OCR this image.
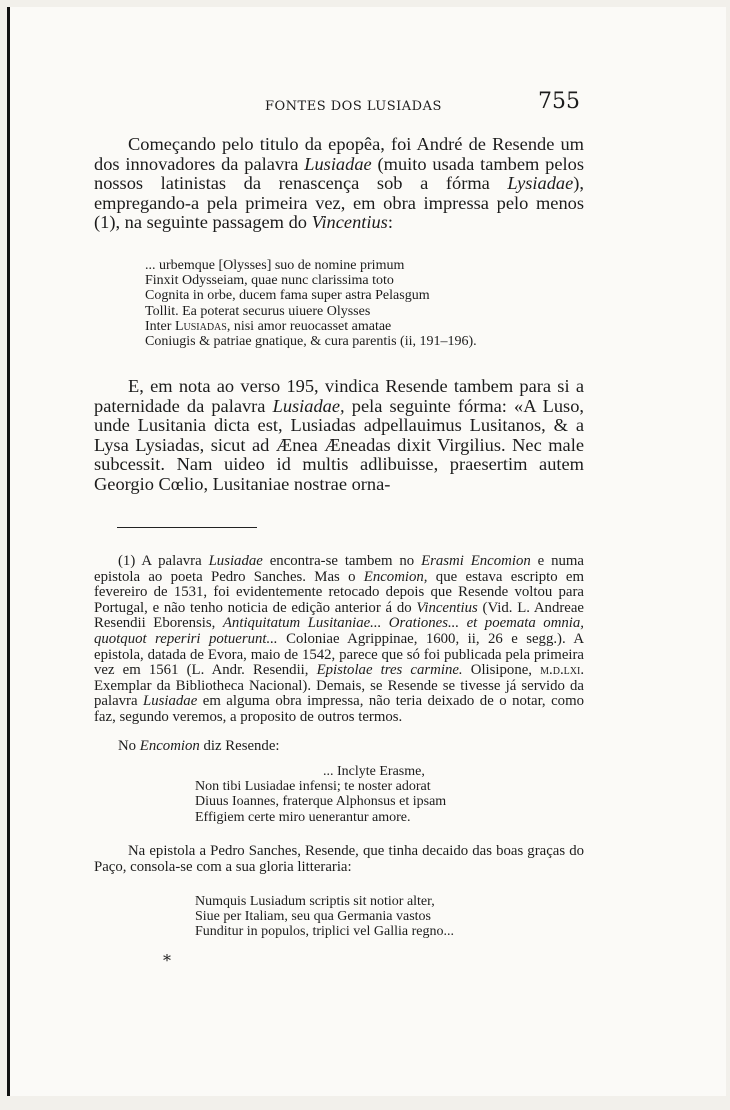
FONTES DOS LUSIADAS	755

Começando pelo titulo da epopêa, foi André de Resende um dos innovadores da palavra Lusiadae (muito usada tambem pelos nossos latinistas da renascença sob a fórma Lysiadae), empregando-a pela primeira vez, em obra impressa pelo menos (1), na seguinte passagem do Vincentius:

... urbemque [Olysses] suo de nomine primum
Finxit Odysseiam, quae nunc clarissima toto
Cognita in orbe, ducem fama super astra Pelasgum
Tollit. Ea poterat securus uiuere Olysses
Inter Lusiadas, nisi amor reuocasset amatae
Coniugis & patriae gnatique, & cura parentis (ii, 191–196).

E, em nota ao verso 195, vindica Resende tambem para si a paternidade da palavra Lusiadae, pela seguinte fórma: «A Luso, unde Lusitania dicta est, Lusiadas adpellauimus Lusitanos, & a Lysa Lysiadas, sicut ad Ænea Æneadas dixit Virgilius. Nec male subcessit. Nam uideo id multis adlibuisse, praesertim autem Georgio Cœlio, Lusitaniae nostrae orna-

(1) A palavra Lusiadae encontra-se tambem no Erasmi Encomion e numa epistola ao poeta Pedro Sanches. Mas o Encomion, que estava escripto em fevereiro de 1531, foi evidentemente retocado depois que Resende voltou para Portugal, e não tenho noticia de edição anterior á do Vincentius (Vid. L. Andreae Resendii Eborensis, Antiquitatum Lusitaniae... Orationes... et poemata omnia, quotquot reperiri potuerunt... Coloniae Agrippinae, 1600, ii, 26 e segg.). A epistola, datada de Evora, maio de 1542, parece que só foi publicada pela primeira vez em 1561 (L. Andr. Resendii, Epistolae tres carmine. Olisipone, m.d.lxi. Exemplar da Bibliotheca Nacional). Demais, se Resende se tivesse já servido da palavra Lusiadae em alguma obra impressa, não teria deixado de o notar, como faz, segundo veremos, a proposito de outros termos.

No Encomion diz Resende:

... Inclyte Erasme,
Non tibi Lusiadae infensi; te noster adorat
Diuus Ioannes, fraterque Alphonsus et ipsam
Effigiem certe miro uenerantur amore.

Na epistola a Pedro Sanches, Resende, que tinha decaido das boas graças do Paço, consola-se com a sua gloria litteraria:

Numquis Lusiadum scriptis sit notior alter,
Siue per Italiam, seu qua Germania vastos
Funditur in populos, triplici vel Gallia regno...
*
